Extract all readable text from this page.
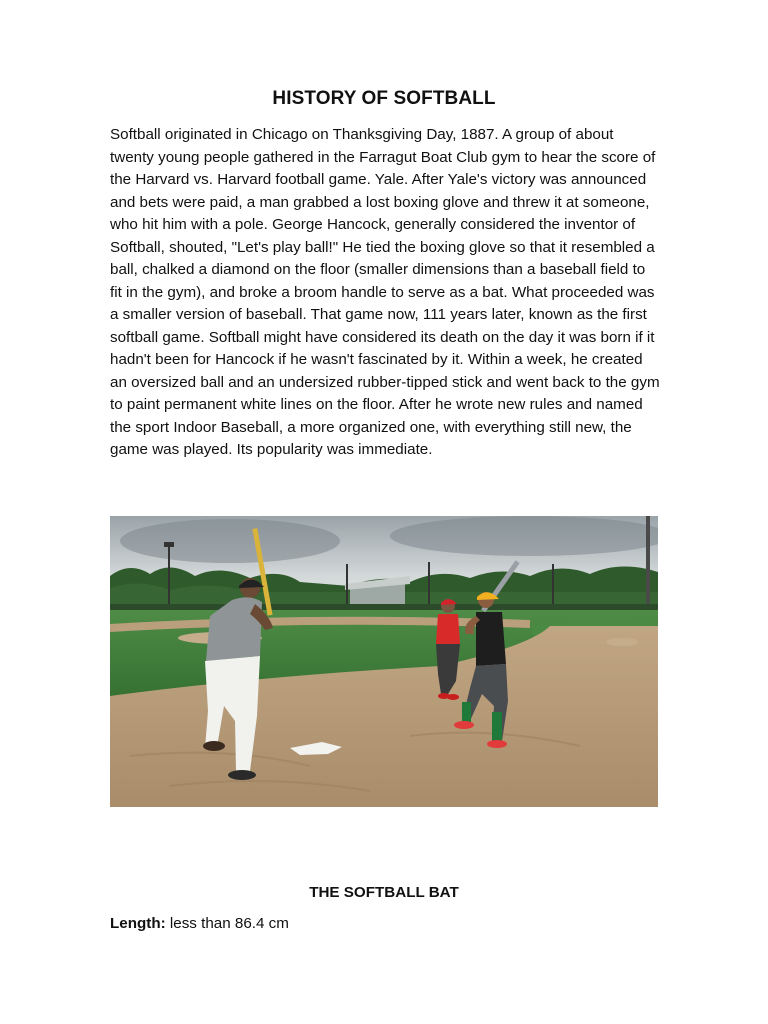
HISTORY OF SOFTBALL

Softball originated in Chicago on Thanksgiving Day, 1887. A group of about twenty young people gathered in the Farragut Boat Club gym to hear the score of the Harvard vs. Harvard football game. Yale. After Yale's victory was announced and bets were paid, a man grabbed a lost boxing glove and threw it at someone, who hit him with a pole. George Hancock, generally considered the inventor of Softball, shouted, "Let's play ball!" He tied the boxing glove so that it resembled a ball, chalked a diamond on the floor (smaller dimensions than a baseball field to fit in the gym), and broke a broom handle to serve as a bat. What proceeded was a smaller version of baseball. That game now, 111 years later, known as the first softball game. Softball might have considered its death on the day it was born if it hadn't been for Hancock if he wasn't fascinated by it. Within a week, he created an oversized ball and an undersized rubber-tipped stick and went back to the gym to paint permanent white lines on the floor. After he wrote new rules and named the sport Indoor Baseball, a more organized one, with everything still new, the game was played. Its popularity was immediate.

THE SOFTBALL BAT
Length: less than 86.4 cm
